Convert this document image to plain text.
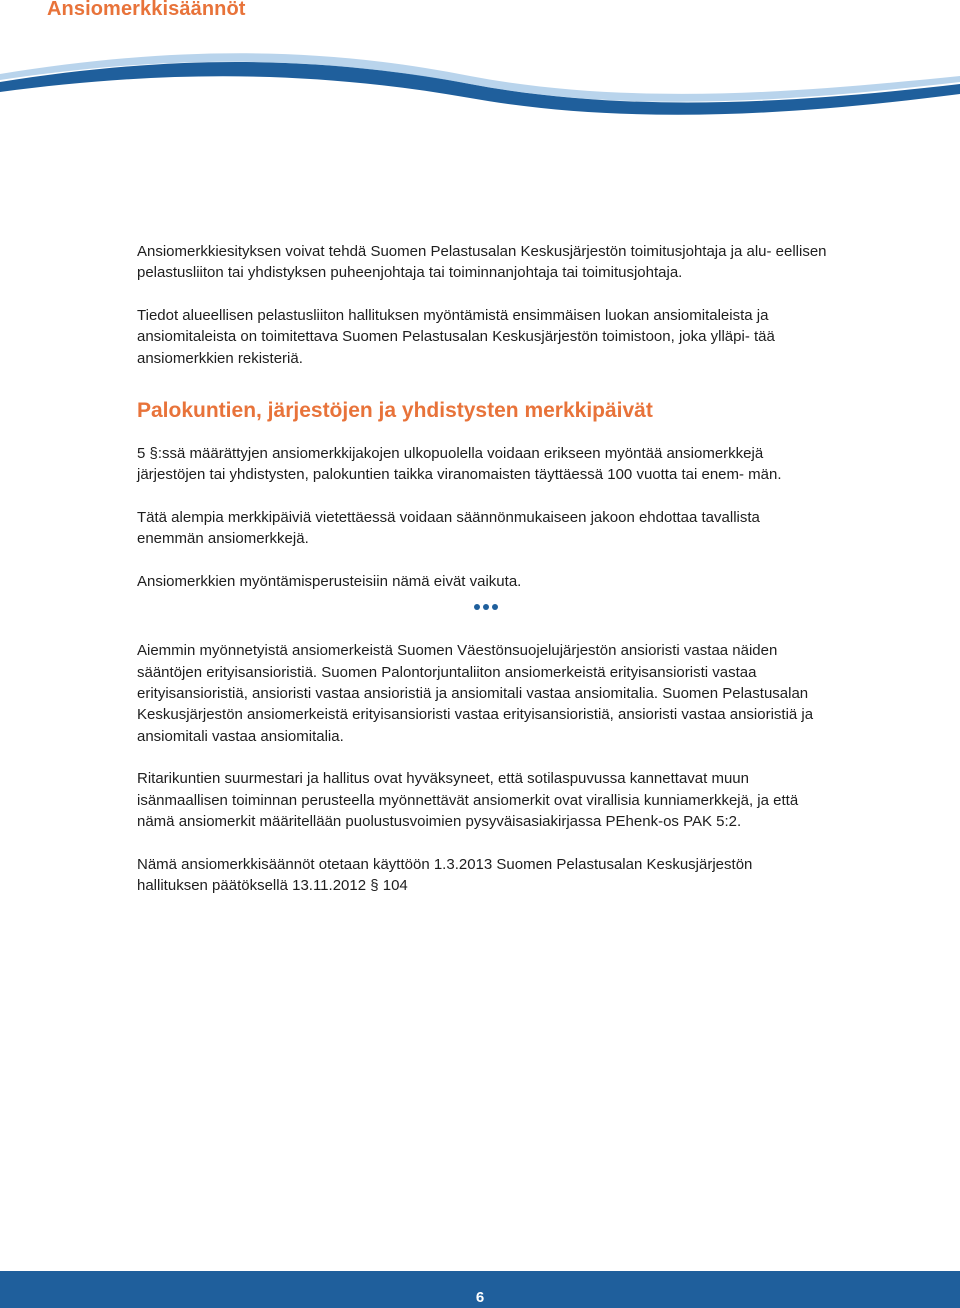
Ansiomerkkisäännöt

Ansiomerkkiesityksen voivat tehdä Suomen Pelastusalan Keskusjärjestön toimitusjohtaja ja alu- eellisen pelastusliiton tai yhdistyksen puheenjohtaja tai toiminnanjohtaja tai toimitusjohtaja.

Tiedot alueellisen pelastusliiton hallituksen myöntämistä ensimmäisen luokan ansiomitaleista ja ansiomitaleista on toimitettava Suomen Pelastusalan Keskusjärjestön toimistoon, joka ylläpi- tää ansiomerkkien rekisteriä.

Palokuntien, järjestöjen ja yhdistysten merkkipäivät

5 §:ssä määrättyjen ansiomerkkijakojen ulkopuolella voidaan erikseen myöntää ansiomerkkejä järjestöjen tai yhdistysten, palokuntien taikka viranomaisten täyttäessä 100 vuotta tai enem- män.

Tätä alempia merkkipäiviä vietettäessä voidaan säännönmukaiseen jakoon ehdottaa tavallista enemmän ansiomerkkejä.

Ansiomerkkien myöntämisperusteisiin nämä eivät vaikuta.

Aiemmin myönnetyistä ansiomerkeistä Suomen Väestönsuojelujärjestön ansioristi vastaa näiden sääntöjen erityisansioristiä. Suomen Palontorjuntaliiton ansiomerkeistä erityisansioristi vastaa erityisansioristiä, ansioristi vastaa ansioristiä ja ansiomitali vastaa ansiomitalia. Suomen Pelastusalan Keskusjärjestön ansiomerkeistä erityisansioristi vastaa erityisansioristiä, ansioristi vastaa ansioristiä ja ansiomitali vastaa ansiomitalia.

Ritarikuntien suurmestari ja hallitus ovat hyväksyneet, että sotilaspuvussa kannettavat muun isänmaallisen toiminnan perusteella myönnettävät ansiomerkit ovat virallisia kunniamerkkejä, ja että nämä ansiomerkit määritellään puolustusvoimien pysyväisasiakirjassa PEhenk-os PAK 5:2.

Nämä ansiomerkkisäännöt otetaan käyttöön 1.3.2013 Suomen Pelastusalan Keskusjärjestön hallituksen päätöksellä 13.11.2012 § 104

6
